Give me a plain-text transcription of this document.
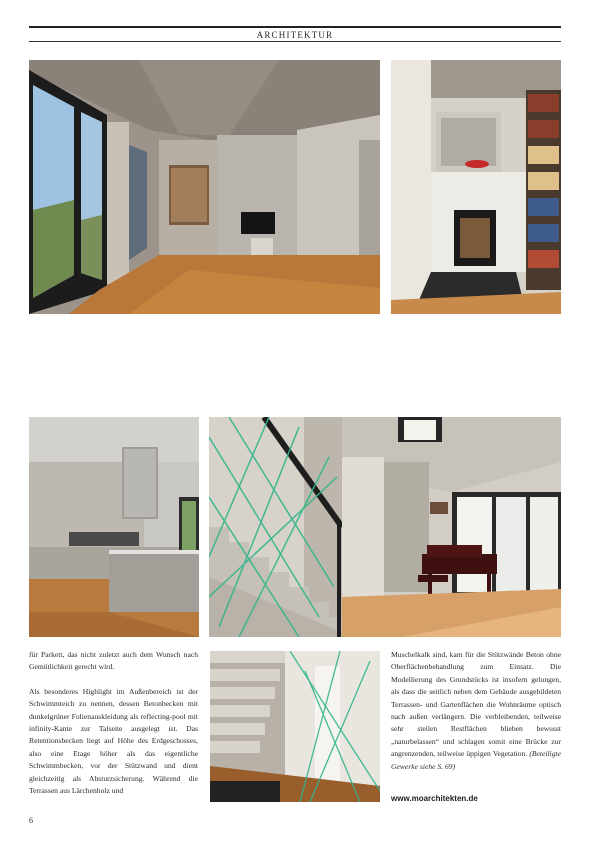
ARCHITEKTUR

für Parkett, das nicht zuletzt auch dem Wunsch nach Gemütlichkeit gerecht wird.

Als besonderes Highlight im Außenbereich ist der Schwimmteich zu nennen, dessen Betonbecken mit dunkelgrüner Folienauskleidung als reflecting-pool mit infinity-Kante zur Talseite ausgelegt ist. Das Retentionsbecken liegt auf Höhe des Erdgeschosses, also eine Etage höher als das eigentliche Schwimmbecken, vor der Stützwand und dient gleichzeitig als Absturzsicherung. Während die Terrassen aus Lärchenholz und

Muschelkalk sind, kam für die Stützwände Beton ohne Oberflächenbehandlung zum Einsatz. Die Modellierung des Grundstücks ist insofern gelungen, als dass die seitlich neben dem Gebäude ausgebildeten Terrassen- und Gartenflächen die Wohnräume optisch nach außen verlängern. Die verbleibenden, teilweise sehr steilen Restflächen blieben bewusst „naturbelassen“ und schlagen somit eine Brücke zur angrenzenden, teilweise üppigen Vegetation. (Beteiligte Gewerke siehe S. 69)

www.moarchitekten.de
6
